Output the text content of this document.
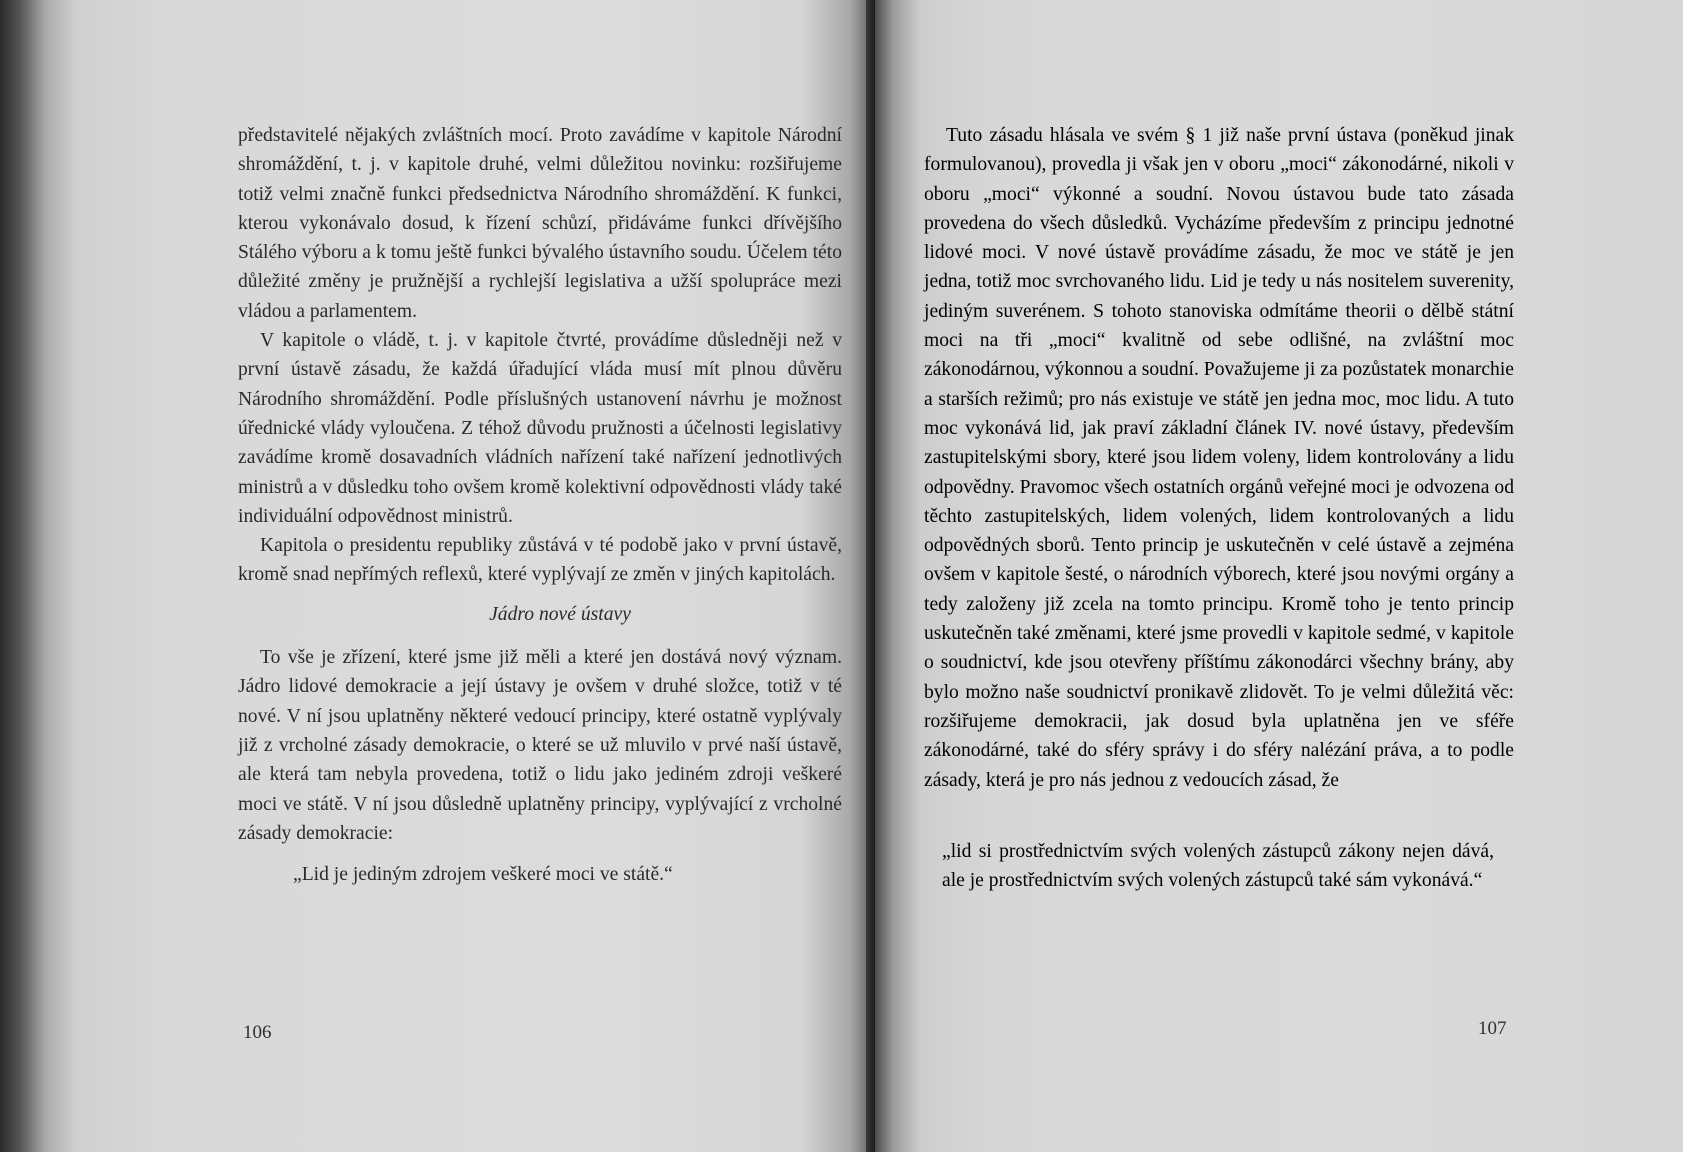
představitelé nějakých zvláštních mocí. Proto zavádíme v kapitole Národní shromáždění, t. j. v kapitole druhé, velmi důležitou novinku: rozšiřujeme totiž velmi značně funkci předsednictva Národního shromáždění. K funkci, kterou vykonávalo dosud, k řízení schůzí, přidáváme funkci dřívějšího Stálého výboru a k tomu ještě funkci bývalého ústavního soudu. Účelem této důležité změny je pružnější a rychlejší legislativa a užší spolupráce mezi vládou a parlamentem.

V kapitole o vládě, t. j. v kapitole čtvrté, provádíme důsledněji než v první ústavě zásadu, že každá úřadující vláda musí mít plnou důvěru Národního shromáždění. Podle příslušných ustanovení návrhu je možnost úřednické vlády vyloučena. Z téhož důvodu pružnosti a účelnosti legislativy zavádíme kromě dosavadních vládních nařízení také nařízení jednotlivých ministrů a v důsledku toho ovšem kromě kolektivní odpovědnosti vlády také individuální odpovědnost ministrů.

Kapitola o presidentu republiky zůstává v té podobě jako v první ústavě, kromě snad nepřímých reflexů, které vyplývají ze změn v jiných kapitolách.

Jádro nové ústavy

To vše je zřízení, které jsme již měli a které jen dostává nový význam. Jádro lidové demokracie a její ústavy je ovšem v druhé složce, totiž v té nové. V ní jsou uplatněny některé vedoucí principy, které ostatně vyplývaly již z vrcholné zásady demokracie, o které se už mluvilo v prvé naší ústavě, ale která tam nebyla provedena, totiž o lidu jako jediném zdroji veškeré moci ve státě. V ní jsou důsledně uplatněny principy, vyplývající z vrcholné zásady demokracie:

„Lid je jediným zdrojem veškeré moci ve státě.“

106

Tuto zásadu hlásala ve svém § 1 již naše první ústava (poněkud jinak formulovanou), provedla ji však jen v oboru „moci“ zákonodárné, nikoli v oboru „moci“ výkonné a soudní. Novou ústavou bude tato zásada provedena do všech důsledků. Vycházíme především z principu jednotné lidové moci. V nové ústavě provádíme zásadu, že moc ve státě je jen jedna, totiž moc svrchovaného lidu. Lid je tedy u nás nositelem suverenity, jediným suverénem. S tohoto stanoviska odmítáme theorii o dělbě státní moci na tři „moci“ kvalitně od sebe odlišné, na zvláštní moc zákonodárnou, výkonnou a soudní. Považujeme ji za pozůstatek monarchie a starších režimů; pro nás existuje ve státě jen jedna moc, moc lidu. A tuto moc vykonává lid, jak praví základní článek IV. nové ústavy, především zastupitelskými sbory, které jsou lidem voleny, lidem kontrolovány a lidu odpovědny. Pravomoc všech ostatních orgánů veřejné moci je odvozena od těchto zastupitelských, lidem volených, lidem kontrolovaných a lidu odpovědných sborů. Tento princip je uskutečněn v celé ústavě a zejména ovšem v kapitole šesté, o národních výborech, které jsou novými orgány a tedy založeny již zcela na tomto principu. Kromě toho je tento princip uskutečněn také změnami, které jsme provedli v kapitole sedmé, v kapitole o soudnictví, kde jsou otevřeny příštímu zákonodárci všechny brány, aby bylo možno naše soudnictví pronikavě zlidovět. To je velmi důležitá věc: rozšiřujeme demokracii, jak dosud byla uplatněna jen ve sféře zákonodárné, také do sféry správy i do sféry nalézání práva, a to podle zásady, která je pro nás jednou z vedoucích zásad, že

„lid si prostřednictvím svých volených zástupců zákony nejen dává, ale je prostřednictvím svých volených zástupců také sám vykonává.“

107
